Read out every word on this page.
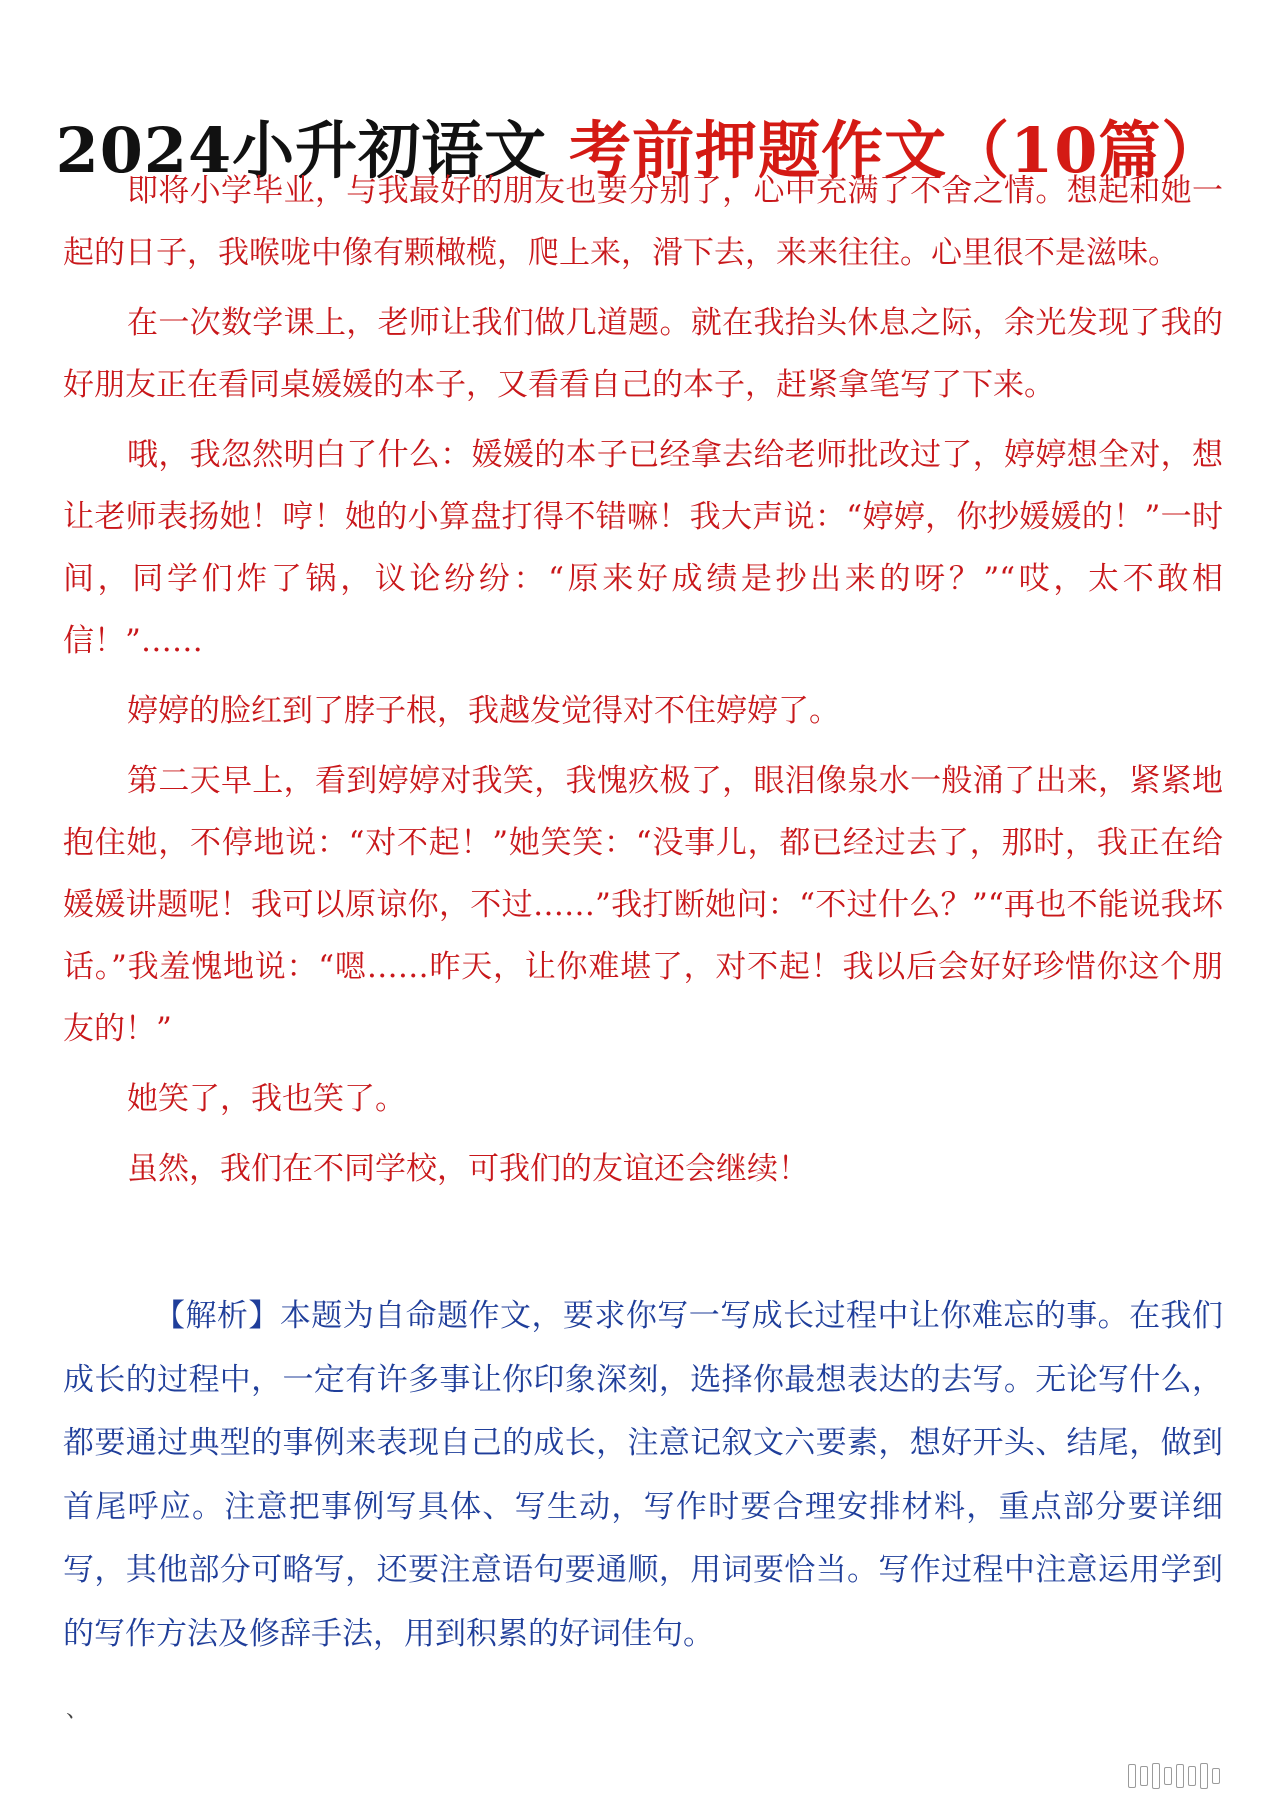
2024小升初语文 考前押题作文（10篇）

即将小学毕业，与我最好的朋友也要分别了，心中充满了不舍之情。想起和她一起的日子，我喉咙中像有颗橄榄，爬上来，滑下去，来来往往。心里很不是滋味。

在一次数学课上，老师让我们做几道题。就在我抬头休息之际，余光发现了我的好朋友正在看同桌媛媛的本子，又看看自己的本子，赶紧拿笔写了下来。

哦，我忽然明白了什么：媛媛的本子已经拿去给老师批改过了，婷婷想全对，想让老师表扬她！哼！她的小算盘打得不错嘛！我大声说：“婷婷，你抄媛媛的！”一时间，同学们炸了锅，议论纷纷：“原来好成绩是抄出来的呀？”“哎，太不敢相信！”……

婷婷的脸红到了脖子根，我越发觉得对不住婷婷了。

第二天早上，看到婷婷对我笑，我愧疚极了，眼泪像泉水一般涌了出来，紧紧地抱住她，不停地说：“对不起！”她笑笑：“没事儿，都已经过去了，那时，我正在给媛媛讲题呢！我可以原谅你，不过……”我打断她问：“不过什么？”“再也不能说我坏话。”我羞愧地说：“嗯……昨天，让你难堪了，对不起！我以后会好好珍惜你这个朋友的！”

她笑了，我也笑了。

虽然，我们在不同学校，可我们的友谊还会继续！

【解析】本题为自命题作文，要求你写一写成长过程中让你难忘的事。在我们成长的过程中，一定有许多事让你印象深刻，选择你最想表达的去写。无论写什么，都要通过典型的事例来表现自己的成长，注意记叙文六要素，想好开头、结尾，做到首尾呼应。注意把事例写具体、写生动，写作时要合理安排材料，重点部分要详细写，其他部分可略写，还要注意语句要通顺，用词要恰当。写作过程中注意运用学到的写作方法及修辞手法，用到积累的好词佳句。

、
